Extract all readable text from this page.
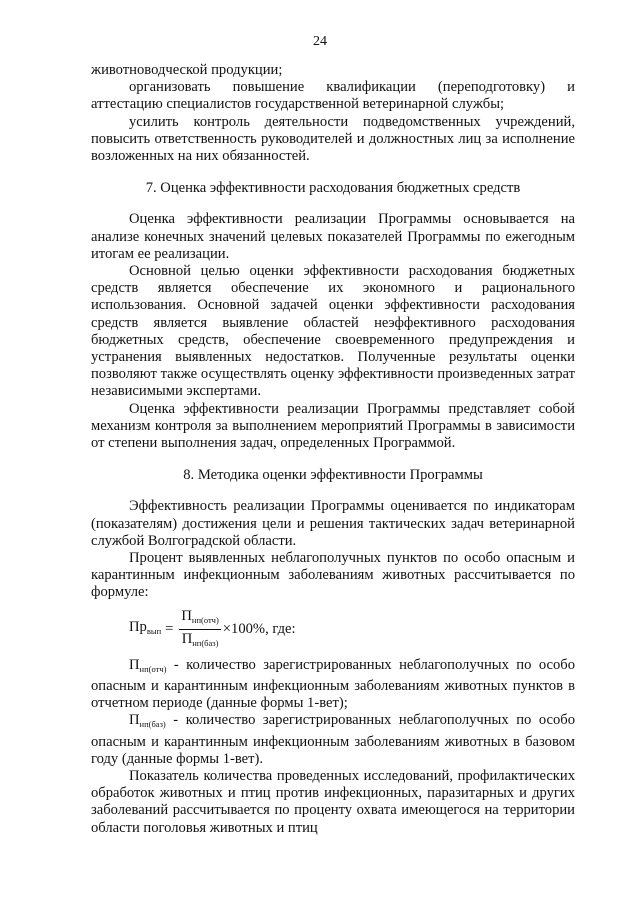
24

животноводческой продукции;

организовать повышение квалификации (переподготовку) и аттестацию специалистов государственной ветеринарной службы;

усилить контроль деятельности подведомственных учреждений, повысить ответственность руководителей и должностных лиц за исполнение возложенных на них обязанностей.

7. Оценка эффективности расходования бюджетных средств

Оценка эффективности реализации Программы основывается на анализе конечных значений целевых показателей Программы по ежегодным итогам ее реализации.

Основной целью оценки эффективности расходования бюджетных средств является обеспечение их экономного и рационального использования. Основной задачей оценки эффективности расходования средств является выявление областей неэффективного расходования бюджетных средств, обеспечение своевременного предупреждения и устранения выявленных недостатков. Полученные результаты оценки позволяют также осуществлять оценку эффективности произведенных затрат независимыми экспертами.

Оценка эффективности реализации Программы представляет собой механизм контроля за выполнением мероприятий Программы в зависимости от степени выполнения задач, определенных Программой.

8. Методика оценки эффективности Программы

Эффективность реализации Программы оценивается по индикаторам (показателям) достижения цели и решения тактических задач ветеринарной службой Волгоградской области.

Процент выявленных неблагополучных пунктов по особо опасным и карантинным инфекционным заболеваниям животных рассчитывается по формуле:

$Пр_{вып} = \frac{П_{нп(отч)}}{П_{нп(баз)}} \times 100\%$, где:

$П_{нп(отч)}$ - количество зарегистрированных неблагополучных по особо опасным и карантинным инфекционным заболеваниям животных пунктов в отчетном периоде (данные формы 1-вет);

$П_{нп(баз)}$ - количество зарегистрированных неблагополучных по особо опасным и карантинным инфекционным заболеваниям животных в базовом году (данные формы 1-вет).

Показатель количества проведенных исследований, профилактических обработок животных и птиц против инфекционных, паразитарных и других заболеваний рассчитывается по проценту охвата имеющегося на территории области поголовья животных и птиц
